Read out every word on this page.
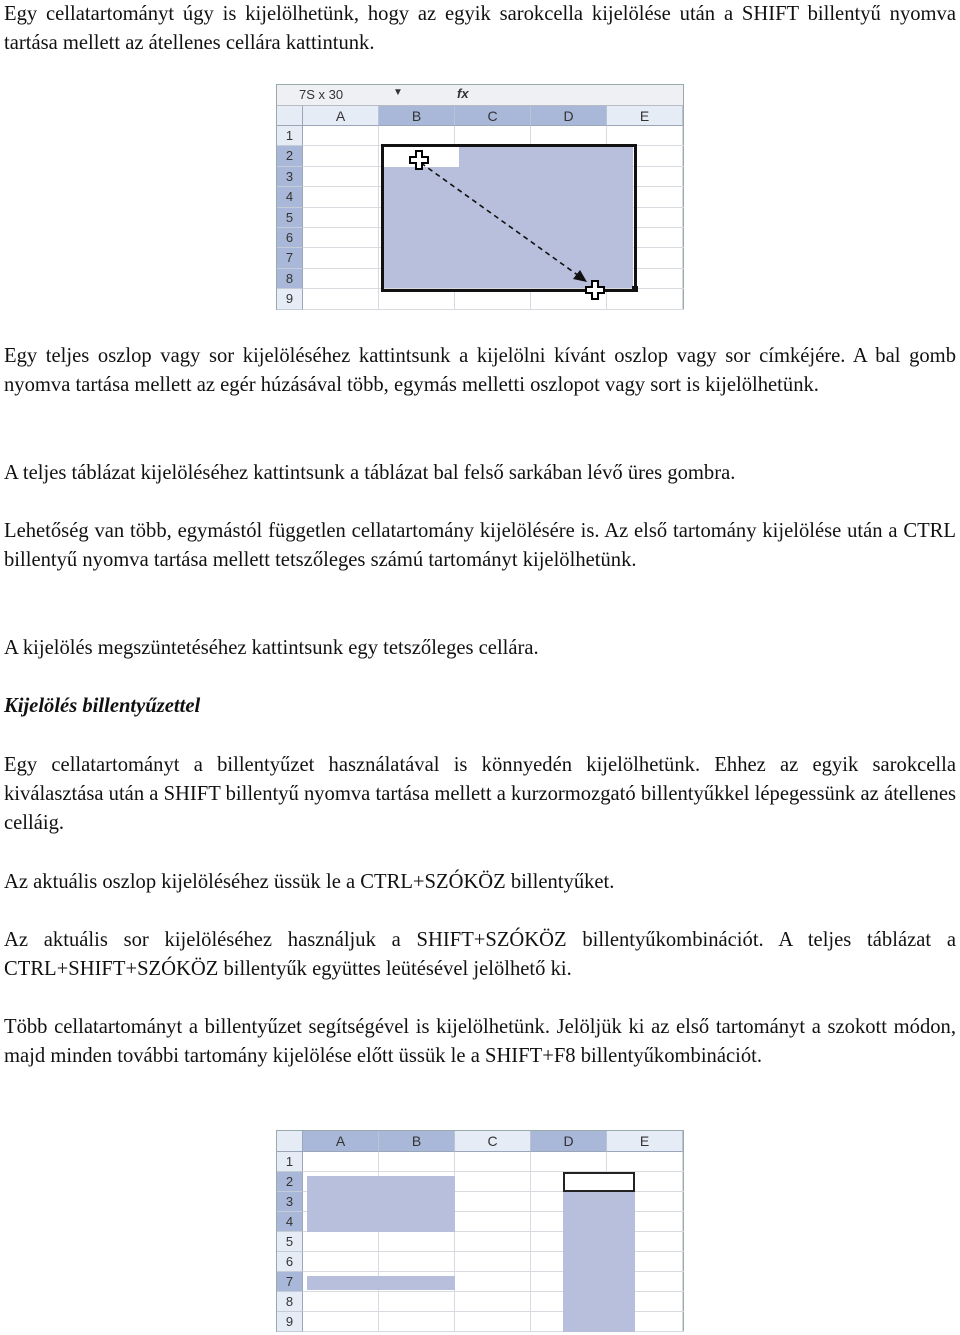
Egy cellatartományt úgy is kijelölhetünk, hogy az egyik sarokcella kijelölése után a SHIFT billentyű nyomva tartása mellett az átellenes cellára kattintunk.

7S x 30	▼	fx
A	B	C	D	E
1
2
3
4
5
6
7
8
9

Egy teljes oszlop vagy sor kijelöléséhez kattintsunk a kijelölni kívánt oszlop vagy sor címkéjére. A bal gomb nyomva tartása mellett az egér húzásával több, egymás melletti oszlopot vagy sort is kijelölhetünk.

A teljes táblázat kijelöléséhez kattintsunk a táblázat bal felső sarkában lévő üres gombra.

Lehetőség van több, egymástól független cellatartomány kijelölésére is. Az első tartomány kijelölése után a CTRL billentyű nyomva tartása mellett tetszőleges számú tartományt kijelölhetünk.

A kijelölés megszüntetéséhez kattintsunk egy tetszőleges cellára.

Kijelölés billentyűzettel

Egy cellatartományt a billentyűzet használatával is könnyedén kijelölhetünk. Ehhez az egyik sarokcella kiválasztása után a SHIFT billentyű nyomva tartása mellett a kurzormozgató billentyűkkel lépegessünk az átellenes celláig.

Az aktuális oszlop kijelöléséhez üssük le a CTRL+SZÓKÖZ billentyűket.

Az aktuális sor kijelöléséhez használjuk a SHIFT+SZÓKÖZ billentyűkombinációt. A teljes táblázat a CTRL+SHIFT+SZÓKÖZ billentyűk együttes leütésével jelölhető ki.

Több cellatartományt a billentyűzet segítségével is kijelölhetünk. Jelöljük ki az első tartományt a szokott módon, majd minden további tartomány kijelölése előtt üssük le a SHIFT+F8 billentyűkombinációt.

A	B	C	D	E
1
2
3
4
5
6
7
8
9
